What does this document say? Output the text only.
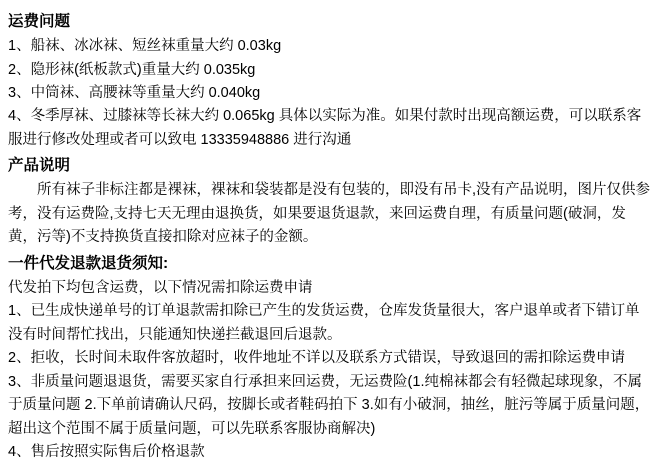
运费问题
1、船袜、冰冰袜、短丝袜重量大约 0.03kg
2、隐形袜(纸板款式)重量大约 0.035kg
3、中筒袜、高腰袜等重量大约 0.040kg
4、冬季厚袜、过膝袜等长袜大约 0.065kg 具体以实际为准。如果付款时出现高额运费，可以联系客服进行修改处理或者可以致电 13335948886 进行沟通
产品说明
所有袜子非标注都是裸袜，裸袜和袋装都是没有包装的，即没有吊卡,没有产品说明，图片仅供参考，没有运费险,支持七天无理由退换货，如果要退货退款，来回运费自理，有质量问题(破洞，发黄，污等)不支持换货直接扣除对应袜子的金额。
一件代发退款退货须知:
代发拍下均包含运费，以下情况需扣除运费申请
1、已生成快递单号的订单退款需扣除已产生的发货运费，仓库发货量很大，客户退单或者下错订单没有时间帮忙找出，只能通知快递拦截退回后退款。
2、拒收，长时间未取件客放超时，收件地址不详以及联系方式错误，导致退回的需扣除运费申请
3、非质量问题退退货，需要买家自行承担来回运费，无运费险(1.纯棉袜都会有轻微起球现象，不属于质量问题 2.下单前请确认尺码，按脚长或者鞋码拍下 3.如有小破洞，抽丝，脏污等属于质量问题，超出这个范围不属于质量问题，可以先联系客服协商解决)
4、售后按照实际售后价格退款
